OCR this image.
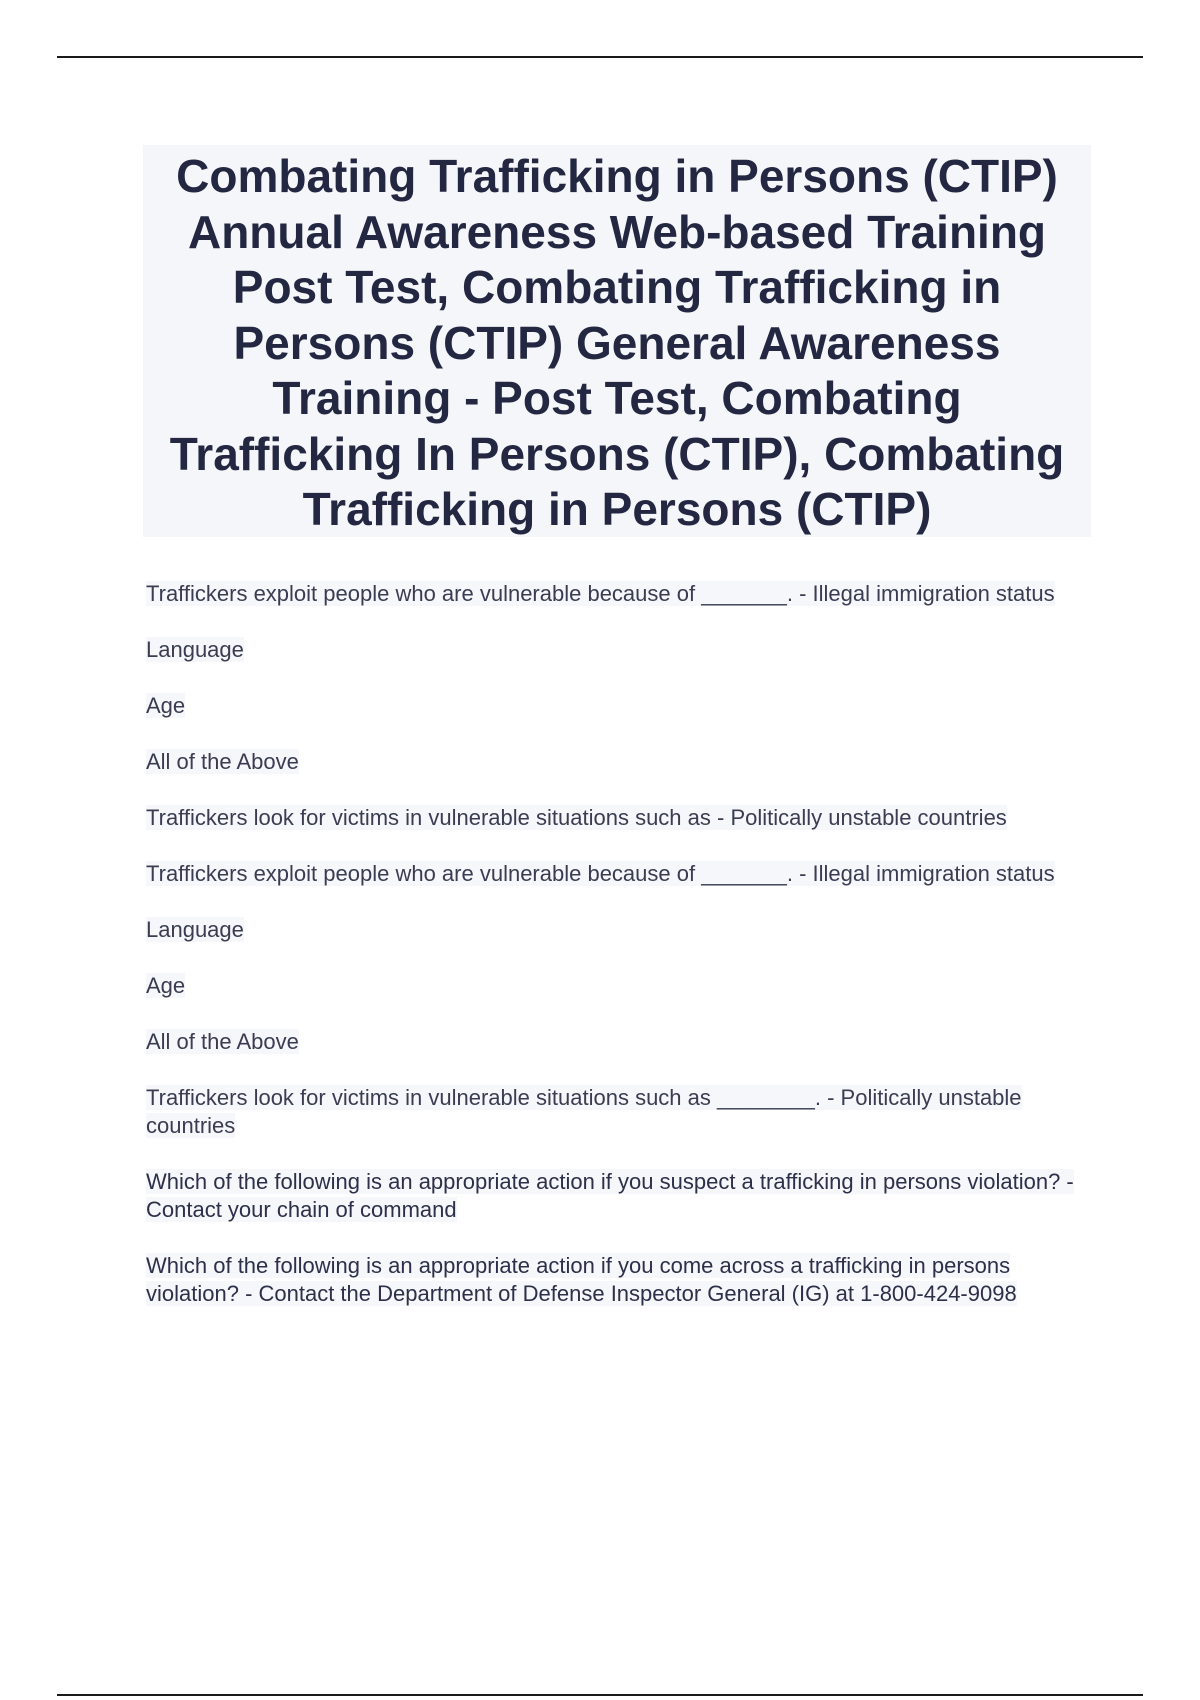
Combating Trafficking in Persons (CTIP)

Annual Awareness Web-based Training

Post Test, Combating Trafficking in

Persons (CTIP) General Awareness

Training - Post Test, Combating

Trafficking In Persons (CTIP), Combating

Trafficking in Persons (CTIP)

Traffickers exploit people who are vulnerable because of _______. - Illegal immigration status

Language

Age

All of the Above

Traffickers look for victims in vulnerable situations such as - Politically unstable countries

Traffickers exploit people who are vulnerable because of _______. - Illegal immigration status

Language

Age

All of the Above

Traffickers look for victims in vulnerable situations such as ________. - Politically unstable countries

Which of the following is an appropriate action if you suspect a trafficking in persons violation? - Contact your chain of command

Which of the following is an appropriate action if you come across a trafficking in persons violation? - Contact the Department of Defense Inspector General (IG) at 1-800-424-9098
